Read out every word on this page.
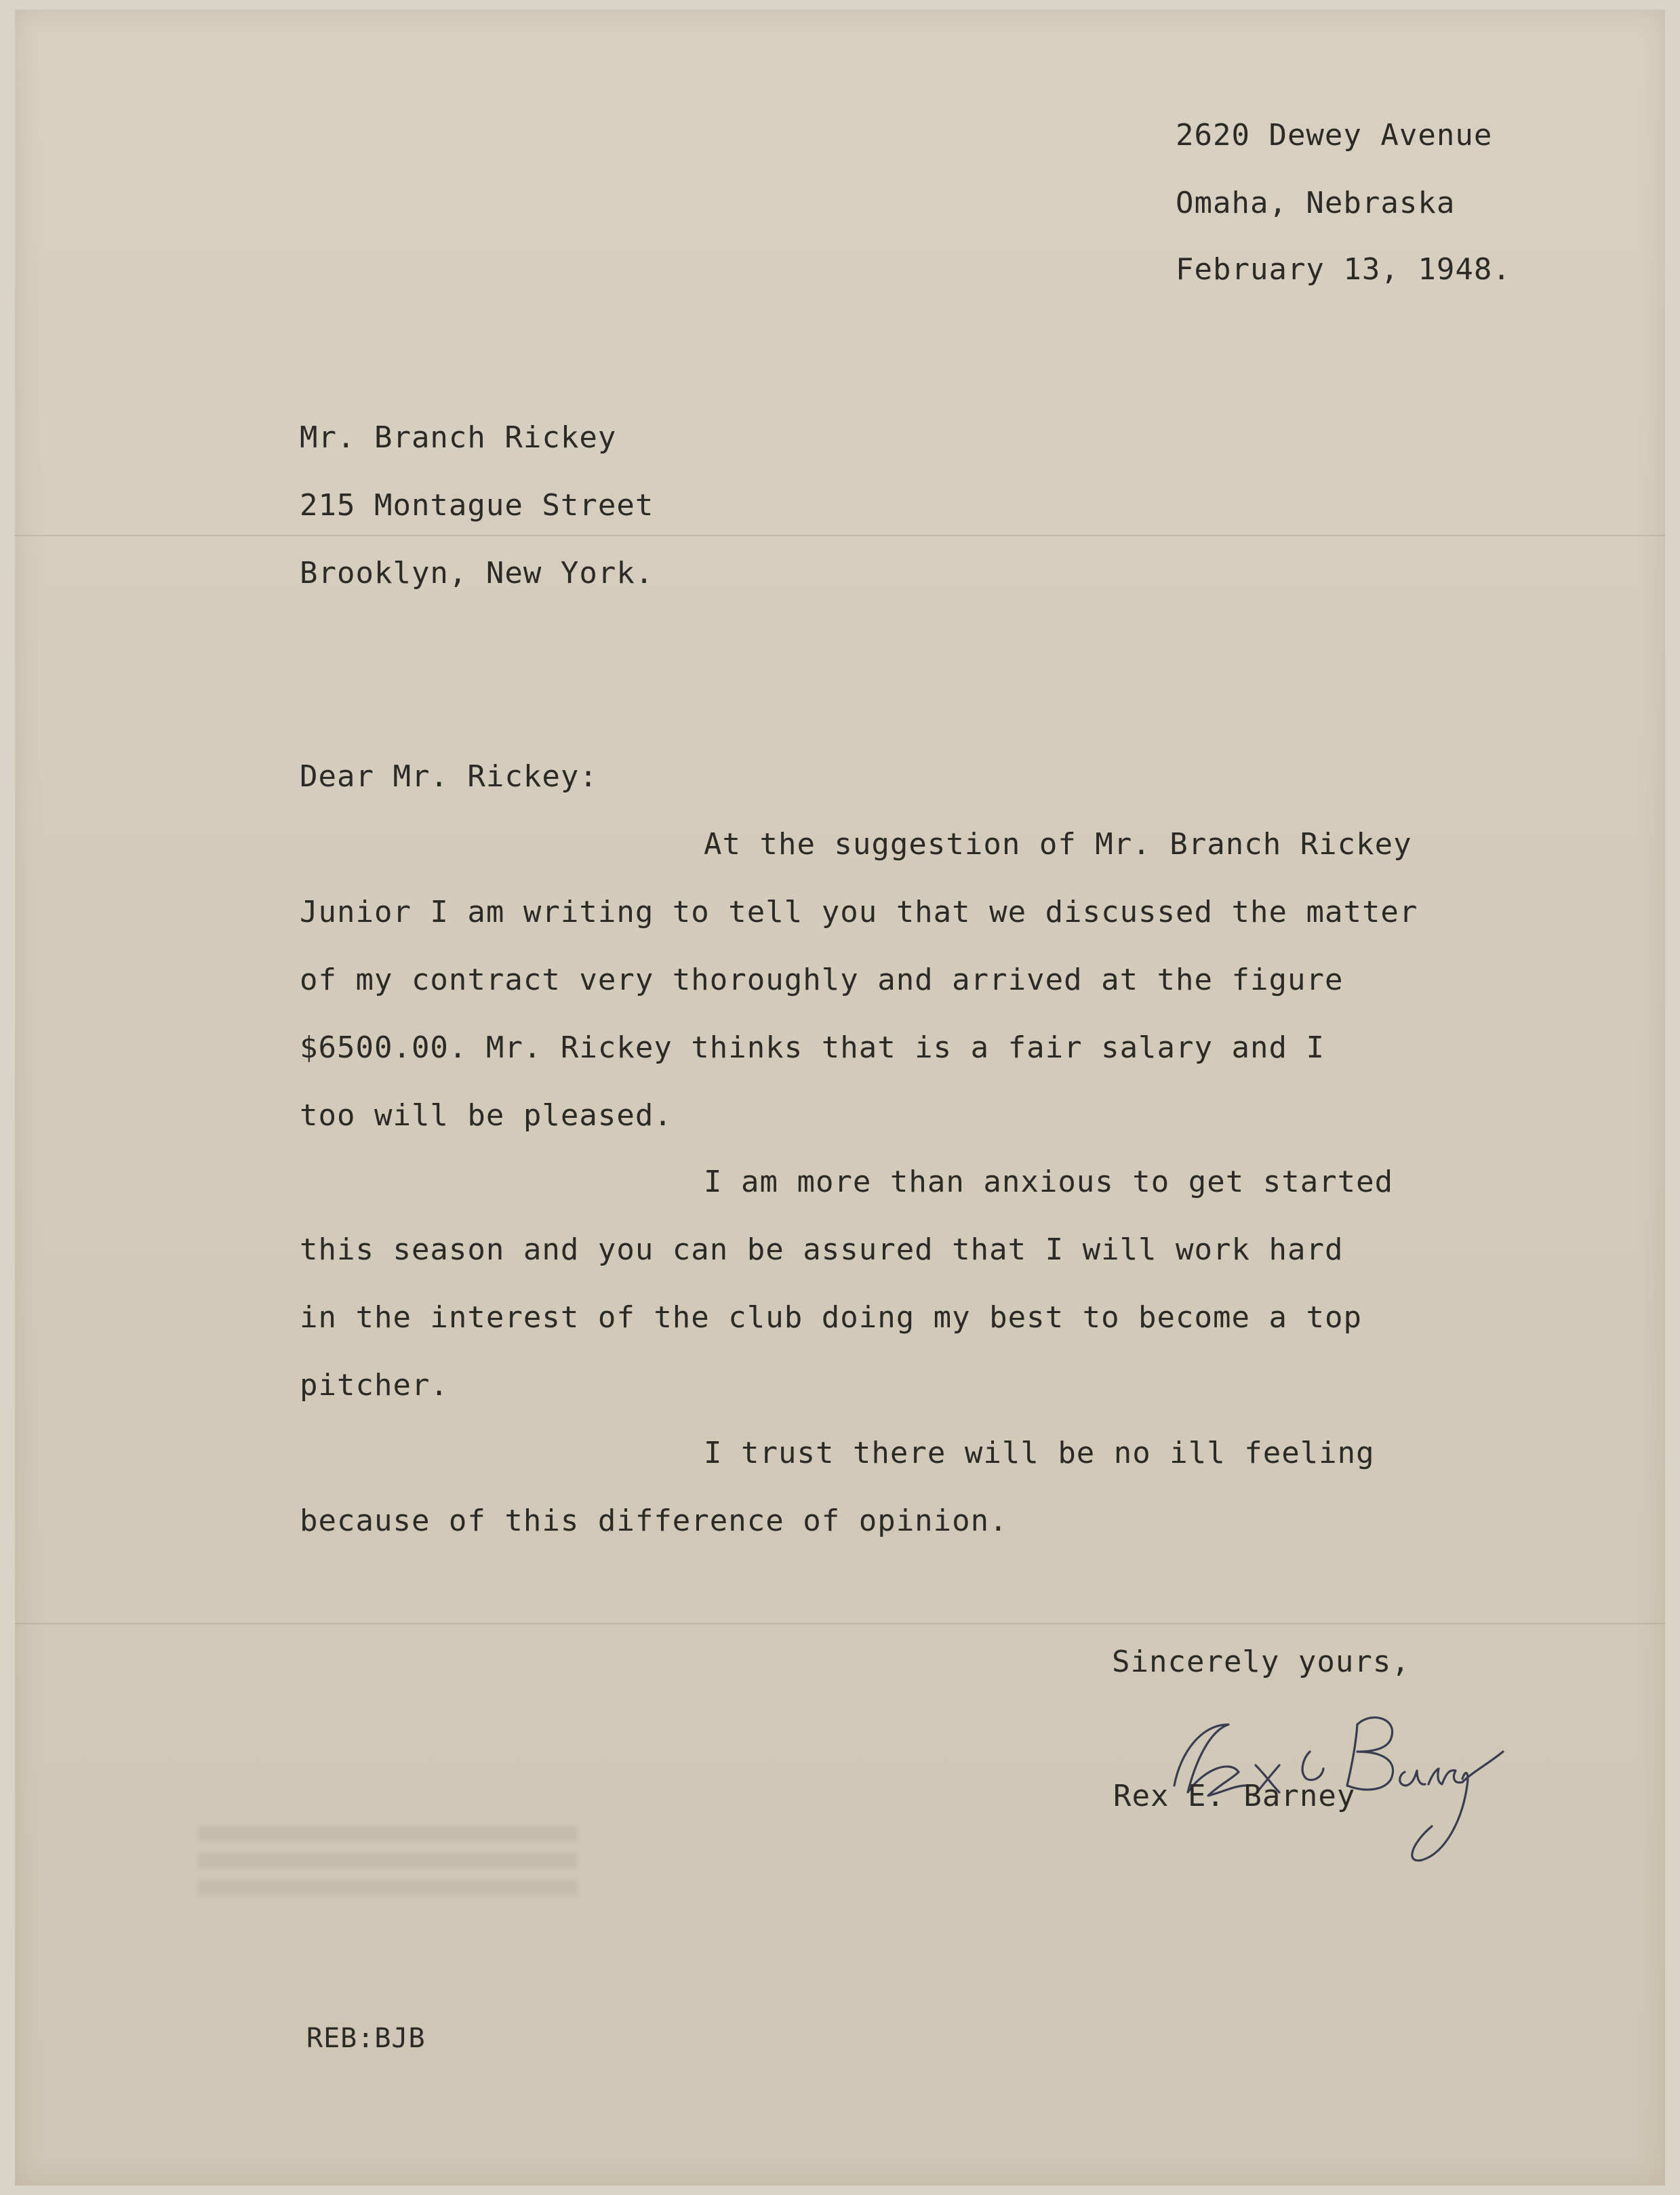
2620 Dewey Avenue
Omaha, Nebraska
February 13, 1948.
Mr. Branch Rickey
215 Montague Street
Brooklyn, New York.
Dear Mr. Rickey:
At the suggestion of Mr. Branch Rickey
Junior I am writing to tell you that we discussed the matter
of my contract very thoroughly and arrived at the figure
$6500.00. Mr. Rickey thinks that is a fair salary and I
too will be pleased.
I am more than anxious to get started
this season and you can be assured that I will work hard
in the interest of the club doing my best to become a top
pitcher.
I trust there will be no ill feeling
because of this difference of opinion.
Sincerely yours,
Rex E. Barney
REB:BJB
